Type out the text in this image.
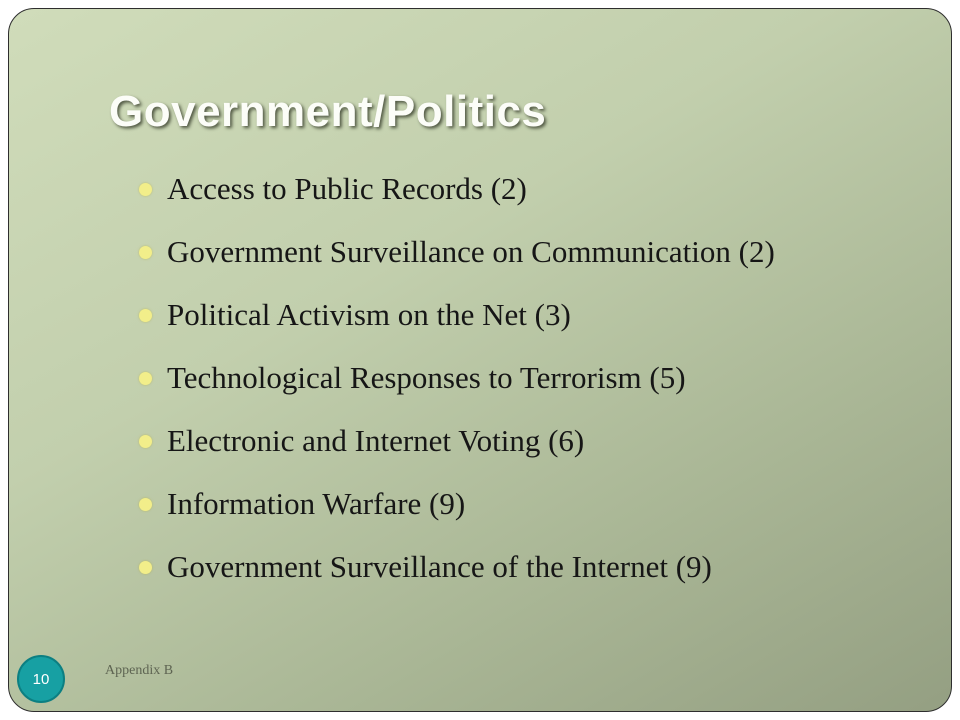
Government/Politics
Access to Public Records (2)
Government Surveillance on Communication (2)
Political Activism on the Net (3)
Technological Responses to Terrorism (5)
Electronic and Internet Voting (6)
Information Warfare (9)
Government Surveillance of the Internet (9)
10	Appendix B
